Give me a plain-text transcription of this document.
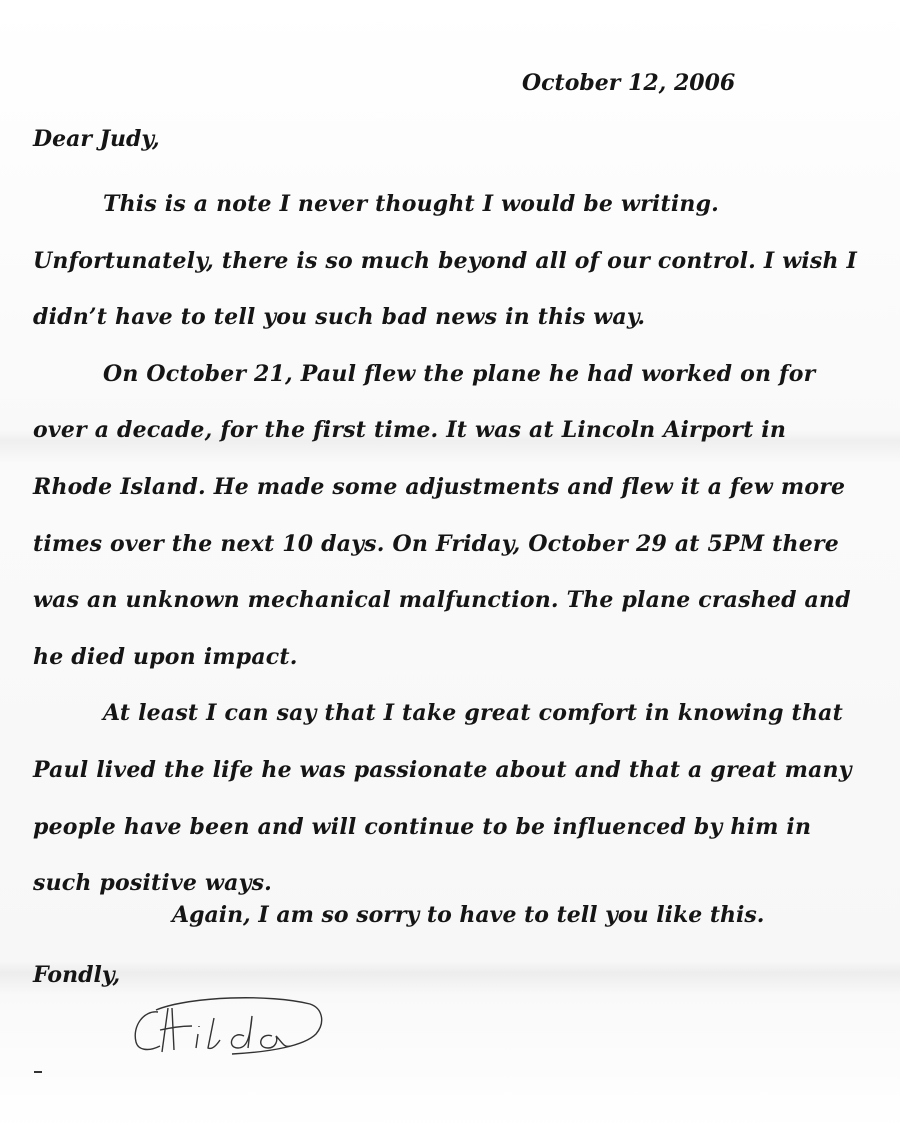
October 12, 2006
Dear Judy,

This is a note I never thought I would be writing. Unfortunately, there is so much beyond all of our control. I wish I didn’t have to tell you such bad news in this way.

On October 21, Paul flew the plane he had worked on for over a decade, for the first time. It was at Lincoln Airport in Rhode Island. He made some adjustments and flew it a few more times over the next 10 days. On Friday, October 29 at 5PM there was an unknown mechanical malfunction. The plane crashed and he died upon impact.

At least I can say that I take great comfort in knowing that Paul lived the life he was passionate about and that a great many people have been and will continue to be influenced by him in such positive ways.

Again, I am so sorry to have to tell you like this.
Fondly,
